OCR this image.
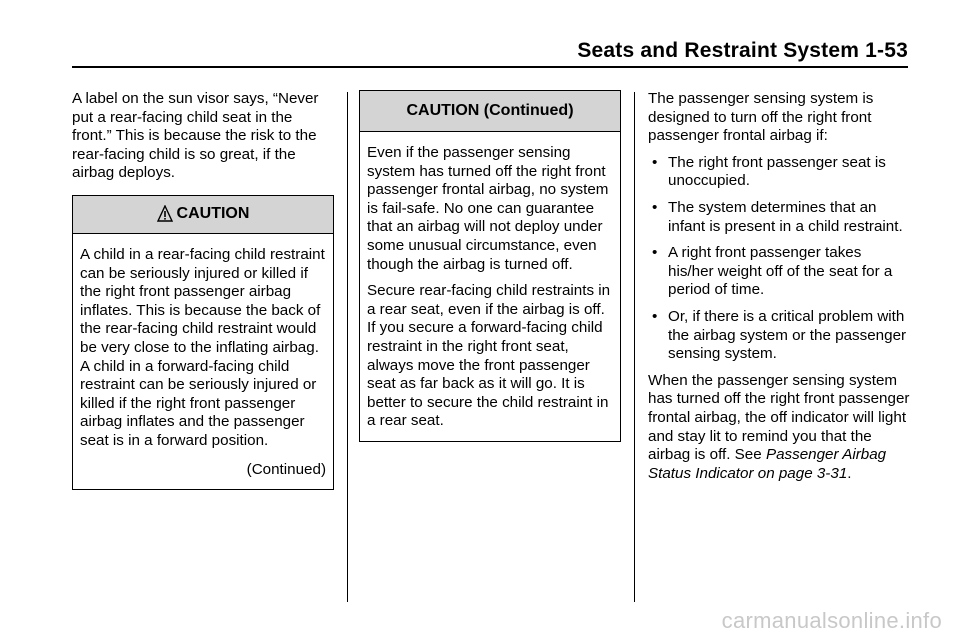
Seats and Restraint System 1-53

A label on the sun visor says, “Never put a rear-facing child seat in the front.” This is because the risk to the rear-facing child is so great, if the airbag deploys.

CAUTION

A child in a rear-facing child restraint can be seriously injured or killed if the right front passenger airbag inflates. This is because the back of the rear-facing child restraint would be very close to the inflating airbag. A child in a forward-facing child restraint can be seriously injured or killed if the right front passenger airbag inflates and the passenger seat is in a forward position.

(Continued)

CAUTION (Continued)

Even if the passenger sensing system has turned off the right front passenger frontal airbag, no system is fail-safe. No one can guarantee that an airbag will not deploy under some unusual circumstance, even though the airbag is turned off.

Secure rear-facing child restraints in a rear seat, even if the airbag is off. If you secure a forward-facing child restraint in the right front seat, always move the front passenger seat as far back as it will go. It is better to secure the child restraint in a rear seat.

The passenger sensing system is designed to turn off the right front passenger frontal airbag if:

• The right front passenger seat is unoccupied.
• The system determines that an infant is present in a child restraint.
• A right front passenger takes his/her weight off of the seat for a period of time.
• Or, if there is a critical problem with the airbag system or the passenger sensing system.

When the passenger sensing system has turned off the right front passenger frontal airbag, the off indicator will light and stay lit to remind you that the airbag is off. See Passenger Airbag Status Indicator on page 3-31.

carmanualsonline.info
